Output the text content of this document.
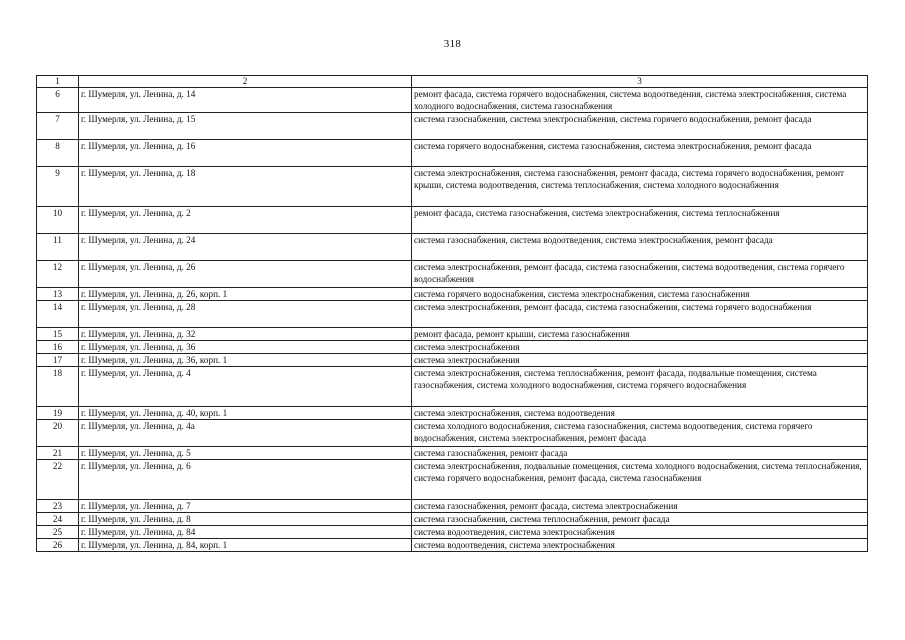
318
1	2	3
6	г. Шумерля, ул. Ленина, д. 14	ремонт фасада, система горячего водоснабжения, система водоотведения, система электроснабжения, система холодного водоснабжения, система газоснабжения
7	г. Шумерля, ул. Ленина, д. 15	система газоснабжения, система электроснабжения, система горячего водоснабжения, ремонт фасада
8	г. Шумерля, ул. Ленина, д. 16	система горячего водоснабжения, система газоснабжения, система электроснабжения, ремонт фасада
9	г. Шумерля, ул. Ленина, д. 18	система электроснабжения, система газоснабжения, ремонт фасада, система горячего водоснабжения, ремонт крыши, система водоотведения, система теплоснабжения, система холодного водоснабжения
10	г. Шумерля, ул. Ленина, д. 2	ремонт фасада, система газоснабжения, система электроснабжения, система теплоснабжения
11	г. Шумерля, ул. Ленина, д. 24	система газоснабжения, система водоотведения, система электроснабжения, ремонт фасада
12	г. Шумерля, ул. Ленина, д. 26	система электроснабжения, ремонт фасада, система газоснабжения, система водоотведения, система горячего водоснабжения
13	г. Шумерля, ул. Ленина, д. 26, корп. 1	система горячего водоснабжения, система электроснабжения, система газоснабжения
14	г. Шумерля, ул. Ленина, д. 28	система электроснабжения, ремонт фасада, система газоснабжения, система горячего водоснабжения
15	г. Шумерля, ул. Ленина, д. 32	ремонт фасада, ремонт крыши, система газоснабжения
16	г. Шумерля, ул. Ленина, д. 36	система электроснабжения
17	г. Шумерля, ул. Ленина, д. 36, корп. 1	система электроснабжения
18	г. Шумерля, ул. Ленина, д. 4	система электроснабжения, система теплоснабжения, ремонт фасада, подвальные помещения, система газоснабжения, система холодного водоснабжения, система горячего водоснабжения
19	г. Шумерля, ул. Ленина, д. 40, корп. 1	система электроснабжения, система водоотведения
20	г. Шумерля, ул. Ленина, д. 4а	система холодного водоснабжения, система газоснабжения, система водоотведения, система горячего водоснабжения, система электроснабжения, ремонт фасада
21	г. Шумерля, ул. Ленина, д. 5	система газоснабжения, ремонт фасада
22	г. Шумерля, ул. Ленина, д. 6	система электроснабжения, подвальные помещения, система холодного водоснабжения, система теплоснабжения, система горячего водоснабжения, ремонт фасада, система газоснабжения
23	г. Шумерля, ул. Ленина, д. 7	система газоснабжения, ремонт фасада, система электроснабжения
24	г. Шумерля, ул. Ленина, д. 8	система газоснабжения, система теплоснабжения, ремонт фасада
25	г. Шумерля, ул. Ленина, д. 84	система водоотведения, система электроснабжения
26	г. Шумерля, ул. Ленина, д. 84, корп. 1	система водоотведения, система электроснабжения
